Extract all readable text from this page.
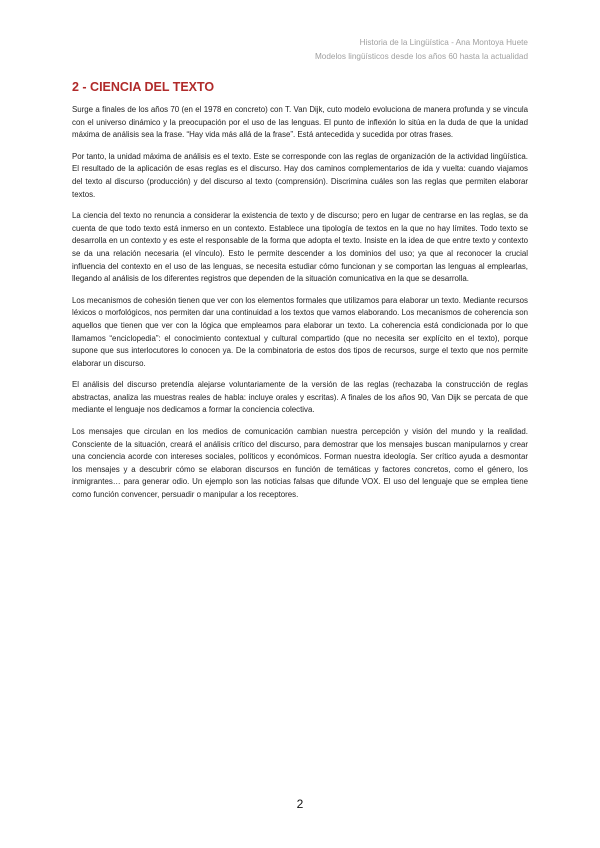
Historia de la Lingüística - Ana Montoya Huete
Modelos lingüísticos desde los años 60 hasta la actualidad
2 - CIENCIA DEL TEXTO

Surge a finales de los años 70 (en el 1978 en concreto) con T. Van Dijk, cuto modelo evoluciona de manera profunda y se vincula con el universo dinámico y la preocupación por el uso de las lenguas. El punto de inflexión lo sitúa en la duda de que la unidad máxima de análisis sea la frase. “Hay vida más allá de la frase”. Está antecedida y sucedida por otras frases.

Por tanto, la unidad máxima de análisis es el texto. Este se corresponde con las reglas de organización de la actividad lingüística. El resultado de la aplicación de esas reglas es el discurso. Hay dos caminos complementarios de ida y vuelta: cuando viajamos del texto al discurso (producción) y del discurso al texto (comprensión). Discrimina cuáles son las reglas que permiten elaborar textos.

La ciencia del texto no renuncia a considerar la existencia de texto y de discurso; pero en lugar de centrarse en las reglas, se da cuenta de que todo texto está inmerso en un contexto. Establece una tipología de textos en la que no hay límites. Todo texto se desarrolla en un contexto y es este el responsable de la forma que adopta el texto. Insiste en la idea de que entre texto y contexto se da una relación necesaria (el vínculo). Esto le permite descender a los dominios del uso; ya que al reconocer la crucial influencia del contexto en el uso de las lenguas, se necesita estudiar cómo funcionan y se comportan las lenguas al emplearlas, llegando al análisis de los diferentes registros que dependen de la situación comunicativa en la que se desarrolla.

Los mecanismos de cohesión tienen que ver con los elementos formales que utilizamos para elaborar un texto. Mediante recursos léxicos o morfológicos, nos permiten dar una continuidad a los textos que vamos elaborando. Los mecanismos de coherencia son aquellos que tienen que ver con la lógica que empleamos para elaborar un texto. La coherencia está condicionada por lo que llamamos “enciclopedia”: el conocimiento contextual y cultural compartido (que no necesita ser explícito en el texto), porque supone que sus interlocutores lo conocen ya. De la combinatoria de estos dos tipos de recursos, surge el texto que nos permite elaborar un discurso.

El análisis del discurso pretendía alejarse voluntariamente de la versión de las reglas (rechazaba la construcción de reglas abstractas, analiza las muestras reales de habla: incluye orales y escritas). A finales de los años 90, Van Dijk se percata de que mediante el lenguaje nos dedicamos a formar la conciencia colectiva.

Los mensajes que circulan en los medios de comunicación cambian nuestra percepción y visión del mundo y la realidad. Consciente de la situación, creará el análisis crítico del discurso, para demostrar que los mensajes buscan manipularnos y crear una conciencia acorde con intereses sociales, políticos y económicos. Forman nuestra ideología. Ser crítico ayuda a desmontar los mensajes y a descubrir cómo se elaboran discursos en función de temáticas y factores concretos, como el género, los inmigrantes… para generar odio. Un ejemplo son las noticias falsas que difunde VOX. El uso del lenguaje que se emplea tiene como función convencer, persuadir o manipular a los receptores.

2
